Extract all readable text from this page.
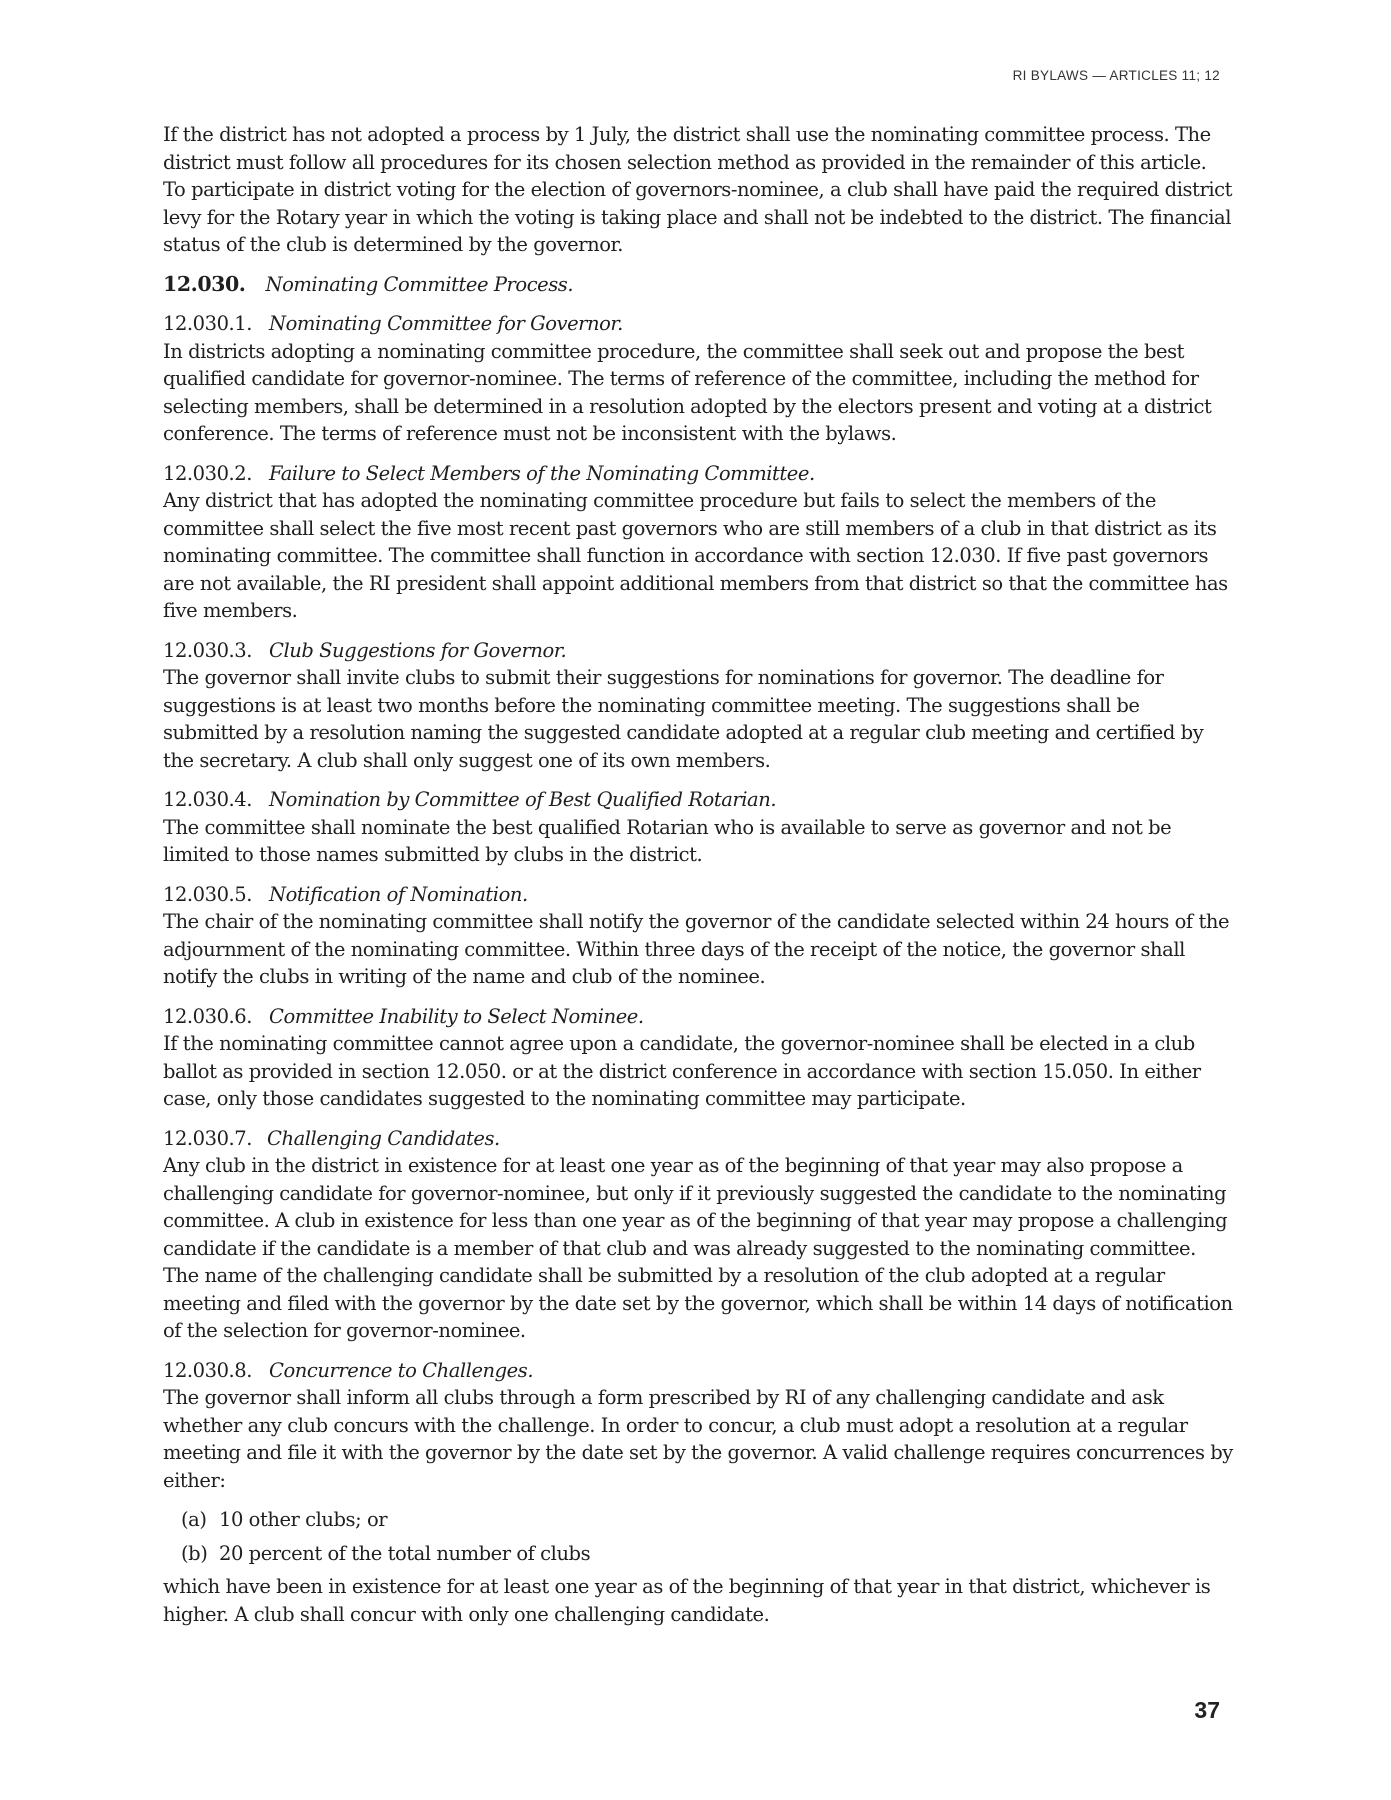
RI BYLAWS — ARTICLES 11; 12

If the district has not adopted a process by 1 July, the district shall use the nominating committee process. The district must follow all procedures for its chosen selection method as provided in the remainder of this article. To participate in district voting for the election of governors-nominee, a club shall have paid the required district levy for the Rotary year in which the voting is taking place and shall not be indebted to the district. The financial status of the club is determined by the governor.

12.030. Nominating Committee Process.

12.030.1. Nominating Committee for Governor.

In districts adopting a nominating committee procedure, the committee shall seek out and propose the best qualified candidate for governor-nominee. The terms of reference of the committee, including the method for selecting members, shall be determined in a resolution adopted by the electors present and voting at a district conference. The terms of reference must not be inconsistent with the bylaws.

12.030.2. Failure to Select Members of the Nominating Committee.

Any district that has adopted the nominating committee procedure but fails to select the members of the committee shall select the five most recent past governors who are still members of a club in that district as its nominating committee. The committee shall function in accordance with section 12.030. If five past governors are not available, the RI president shall appoint additional members from that district so that the committee has five members.

12.030.3. Club Suggestions for Governor.

The governor shall invite clubs to submit their suggestions for nominations for governor. The deadline for suggestions is at least two months before the nominating committee meeting. The suggestions shall be submitted by a resolution naming the suggested candidate adopted at a regular club meeting and certified by the secretary. A club shall only suggest one of its own members.

12.030.4. Nomination by Committee of Best Qualified Rotarian.

The committee shall nominate the best qualified Rotarian who is available to serve as governor and not be limited to those names submitted by clubs in the district.

12.030.5. Notification of Nomination.

The chair of the nominating committee shall notify the governor of the candidate selected within 24 hours of the adjournment of the nominating committee. Within three days of the receipt of the notice, the governor shall notify the clubs in writing of the name and club of the nominee.

12.030.6. Committee Inability to Select Nominee.

If the nominating committee cannot agree upon a candidate, the governor-nominee shall be elected in a club ballot as provided in section 12.050. or at the district conference in accordance with section 15.050. In either case, only those candidates suggested to the nominating committee may participate.

12.030.7. Challenging Candidates.

Any club in the district in existence for at least one year as of the beginning of that year may also propose a challenging candidate for governor-nominee, but only if it previously suggested the candidate to the nominating committee. A club in existence for less than one year as of the beginning of that year may propose a challenging candidate if the candidate is a member of that club and was already suggested to the nominating committee. The name of the challenging candidate shall be submitted by a resolution of the club adopted at a regular meeting and filed with the governor by the date set by the governor, which shall be within 14 days of notification of the selection for governor-nominee.

12.030.8. Concurrence to Challenges.

The governor shall inform all clubs through a form prescribed by RI of any challenging candidate and ask whether any club concurs with the challenge. In order to concur, a club must adopt a resolution at a regular meeting and file it with the governor by the date set by the governor. A valid challenge requires concurrences by either:

(a) 10 other clubs; or

(b) 20 percent of the total number of clubs

which have been in existence for at least one year as of the beginning of that year in that district, whichever is higher. A club shall concur with only one challenging candidate.

37
